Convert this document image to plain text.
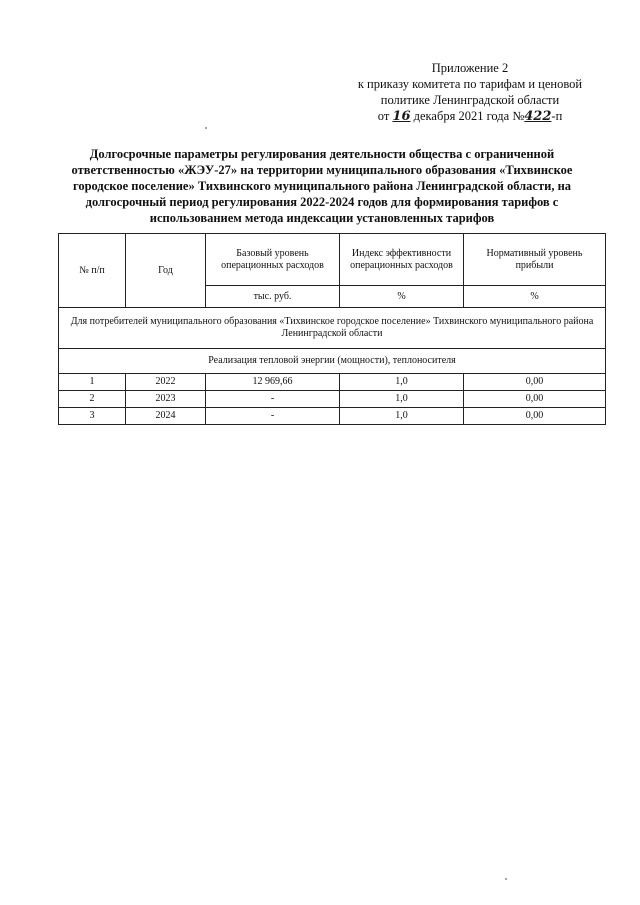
Приложение 2
к приказу комитета по тарифам и ценовой
политике Ленинградской области
от 16 декабря 2021 года №422-п
Долгосрочные параметры регулирования деятельности общества с ограниченной ответственностью «ЖЭУ-27» на территории муниципального образования «Тихвинское городское поселение» Тихвинского муниципального района Ленинградской области, на долгосрочный период регулирования 2022-2024 годов для формирования тарифов с использованием метода индексации установленных тарифов
№ п/п	Год	Базовый уровень операционных расходов	Индекс эффективности операционных расходов	Нормативный уровень прибыли
		тыс. руб.	%	%
Для потребителей муниципального образования «Тихвинское городское поселение» Тихвинского муниципального района Ленинградской области				
Реализация тепловой энергии (мощности), теплоносителя				
1	2022	12 969,66	1,0	0,00
2	2023	-	1,0	0,00
3	2024	-	1,0	0,00
